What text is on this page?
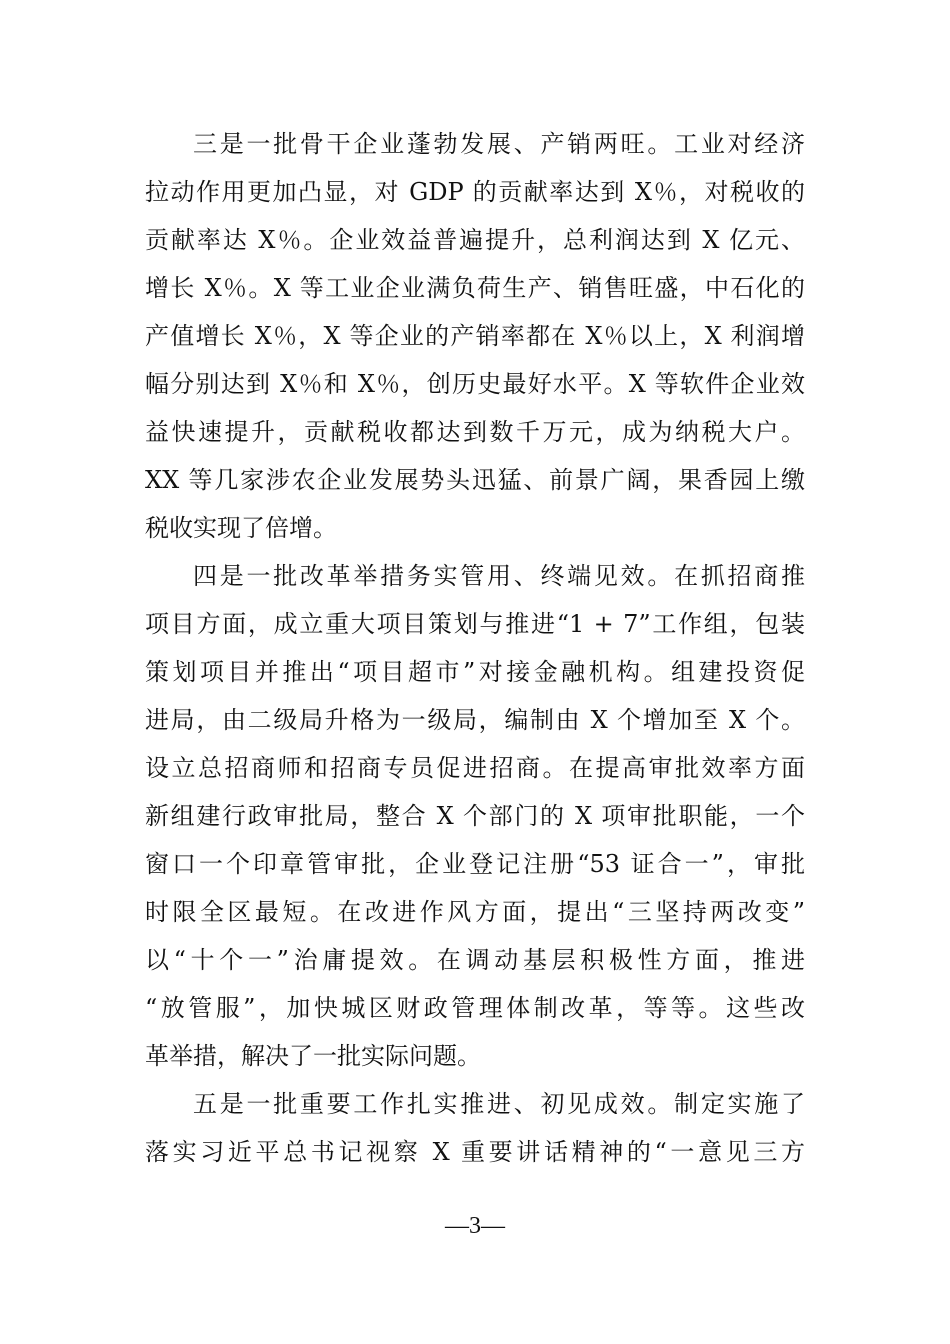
三是一批骨干企业蓬勃发展、产销两旺。工业对经济
拉动作用更加凸显，对 GDP 的贡献率达到 X％，对税收的
贡献率达 X％。企业效益普遍提升，总利润达到 X 亿元、
增长 X％。X 等工业企业满负荷生产、销售旺盛，中石化的
产值增长 X％，X 等企业的产销率都在 X％以上，X 利润增
幅分别达到 X％和 X％，创历史最好水平。X 等软件企业效
益快速提升，贡献税收都达到数千万元，成为纳税大户。
XX 等几家涉农企业发展势头迅猛、前景广阔，果香园上缴
税收实现了倍增。
四是一批改革举措务实管用、终端见效。在抓招商推
项目方面，成立重大项目策划与推进“1 + 7”工作组，包装
策划项目并推出“项目超市”对接金融机构。组建投资促
进局，由二级局升格为一级局，编制由 X 个增加至 X 个。
设立总招商师和招商专员促进招商。在提高审批效率方面
新组建行政审批局，整合 X 个部门的 X 项审批职能，一个
窗口一个印章管审批，企业登记注册“53 证合一”，审批
时限全区最短。在改进作风方面，提出“三坚持两改变”
以“十个一”治庸提效。在调动基层积极性方面，推进
“放管服”，加快城区财政管理体制改革，等等。这些改
革举措，解决了一批实际问题。
五是一批重要工作扎实推进、初见成效。制定实施了
落实习近平总书记视察 X 重要讲话精神的“一意见三方
—3—
